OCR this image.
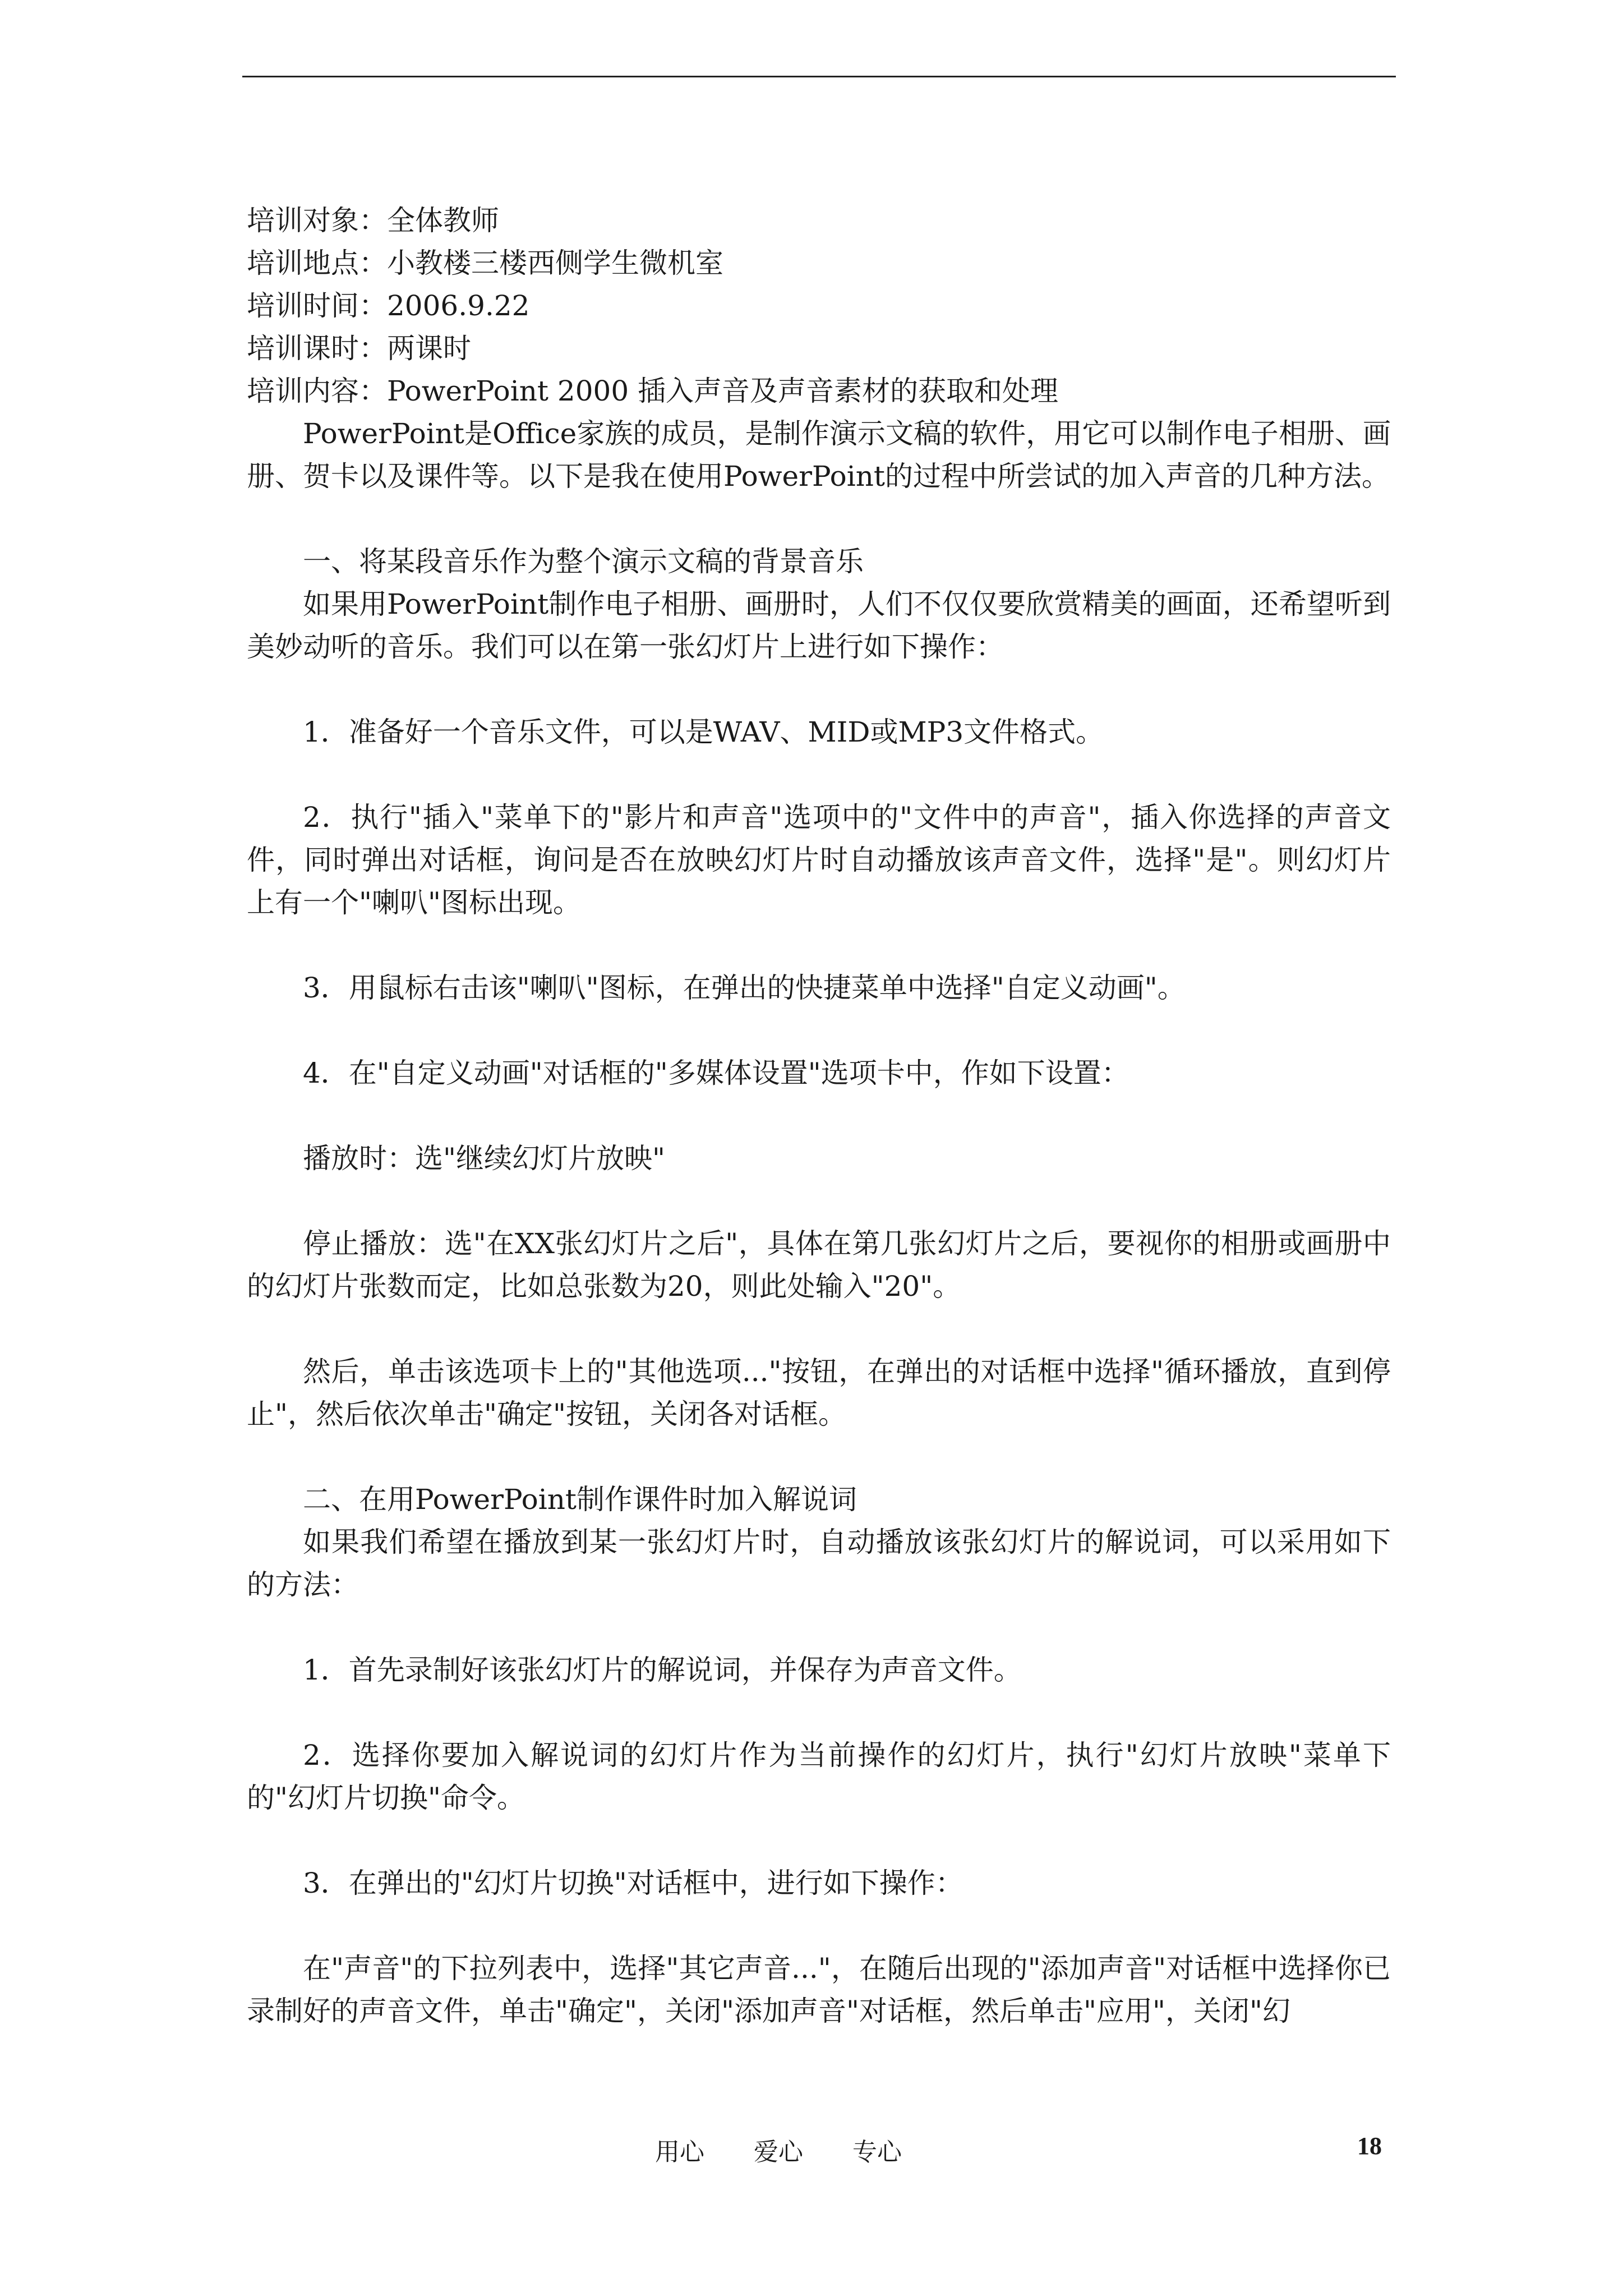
培训对象：全体教师
培训地点：小教楼三楼西侧学生微机室
培训时间：2006.9.22
培训课时：两课时
培训内容：PowerPoint 2000 插入声音及声音素材的获取和处理
PowerPoint是Office家族的成员，是制作演示文稿的软件，用它可以制作电子相册、画册、贺卡以及课件等。以下是我在使用PowerPoint的过程中所尝试的加入声音的几种方法。
一、将某段音乐作为整个演示文稿的背景音乐
如果用PowerPoint制作电子相册、画册时，人们不仅仅要欣赏精美的画面，还希望听到美妙动听的音乐。我们可以在第一张幻灯片上进行如下操作：
1．准备好一个音乐文件，可以是WAV、MID或MP3文件格式。
2．执行"插入"菜单下的"影片和声音"选项中的"文件中的声音"，插入你选择的声音文件，同时弹出对话框，询问是否在放映幻灯片时自动播放该声音文件，选择"是"。则幻灯片上有一个"喇叭"图标出现。
3．用鼠标右击该"喇叭"图标，在弹出的快捷菜单中选择"自定义动画"。
4．在"自定义动画"对话框的"多媒体设置"选项卡中，作如下设置：
播放时：选"继续幻灯片放映"
停止播放：选"在XX张幻灯片之后"，具体在第几张幻灯片之后，要视你的相册或画册中的幻灯片张数而定，比如总张数为20，则此处输入"20"。
然后，单击该选项卡上的"其他选项..."按钮，在弹出的对话框中选择"循环播放，直到停止"，然后依次单击"确定"按钮，关闭各对话框。
二、在用PowerPoint制作课件时加入解说词
如果我们希望在播放到某一张幻灯片时，自动播放该张幻灯片的解说词，可以采用如下的方法：
1．首先录制好该张幻灯片的解说词，并保存为声音文件。
2．选择你要加入解说词的幻灯片作为当前操作的幻灯片，执行"幻灯片放映"菜单下的"幻灯片切换"命令。
3．在弹出的"幻灯片切换"对话框中，进行如下操作：
在"声音"的下拉列表中，选择"其它声音..."，在随后出现的"添加声音"对话框中选择你已录制好的声音文件，单击"确定"，关闭"添加声音"对话框，然后单击"应用"，关闭"幻
用心　　爱心　　专心	18
